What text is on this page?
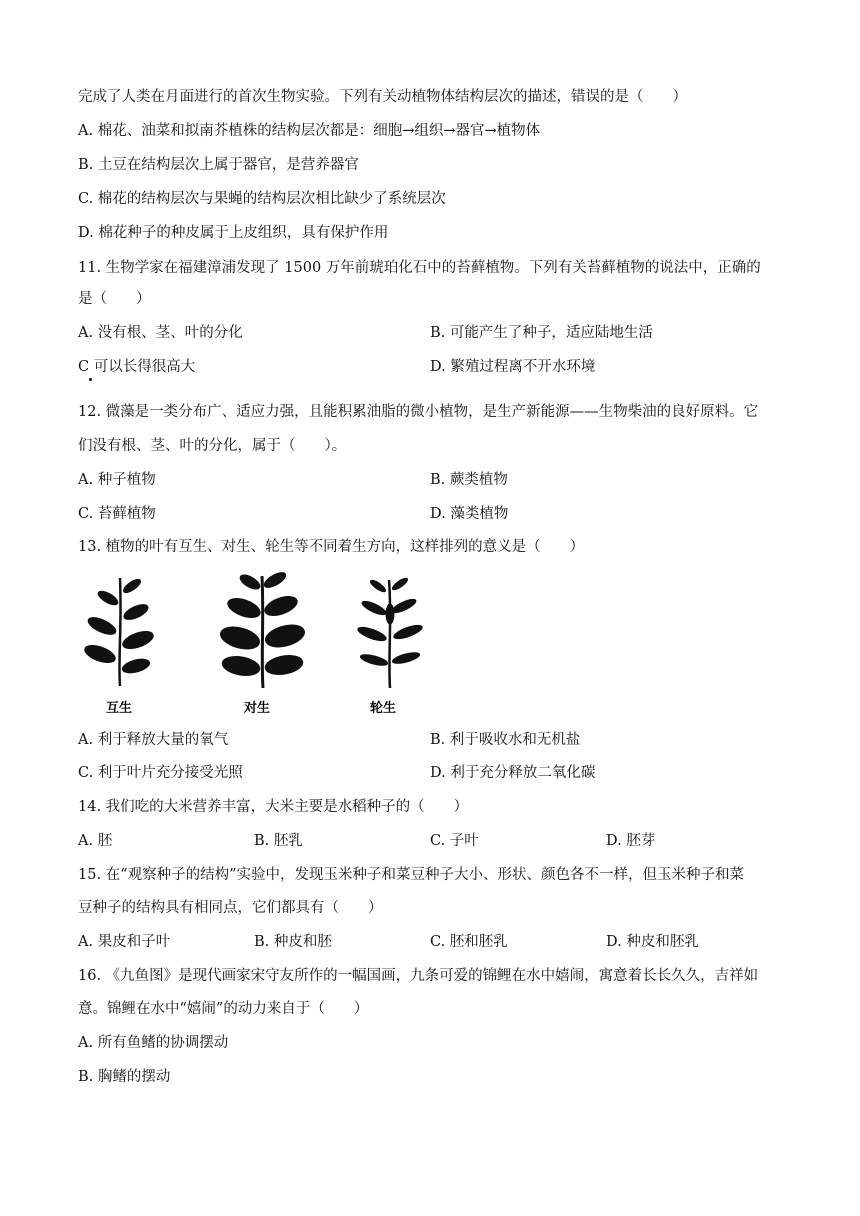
完成了人类在月面进行的首次生物实验。下列有关动植物体结构层次的描述，错误的是（　　）
A. 棉花、油菜和拟南芥植株的结构层次都是：细胞→组织→器官→植物体
B. 土豆在结构层次上属于器官，是营养器官
C. 棉花的结构层次与果蝇的结构层次相比缺少了系统层次
D. 棉花种子的种皮属于上皮组织，具有保护作用
11. 生物学家在福建漳浦发现了 1500 万年前琥珀化石中的苔藓植物。下列有关苔藓植物的说法中，正确的
是（　　）
A. 没有根、茎、叶的分化	B. 可能产生了种子，适应陆地生活
C 可以长得很高大	D. 繁殖过程离不开水环境
12. 微藻是一类分布广、适应力强，且能积累油脂的微小植物，是生产新能源——生物柴油的良好原料。它
们没有根、茎、叶的分化，属于（　　）。
A. 种子植物	B. 蕨类植物
C. 苔藓植物	D. 藻类植物
13. 植物的叶有互生、对生、轮生等不同着生方向，这样排列的意义是（　　）
互生	对生	轮生
A. 利于释放大量的氧气	B. 利于吸收水和无机盐
C. 利于叶片充分接受光照	D. 利于充分释放二氧化碳
14. 我们吃的大米营养丰富，大米主要是水稻种子的（　　）
A. 胚	B. 胚乳	C. 子叶	D. 胚芽
15. 在“观察种子的结构”实验中，发现玉米种子和菜豆种子大小、形状、颜色各不一样，但玉米种子和菜
豆种子的结构具有相同点，它们都具有（　　）
A. 果皮和子叶	B. 种皮和胚	C. 胚和胚乳	D. 种皮和胚乳
16. 《九鱼图》是现代画家宋守友所作的一幅国画，九条可爱的锦鲤在水中嬉闹，寓意着长长久久，吉祥如
意。锦鲤在水中“嬉闹”的动力来自于（　　）
A. 所有鱼鳍的协调摆动
B. 胸鳍的摆动
